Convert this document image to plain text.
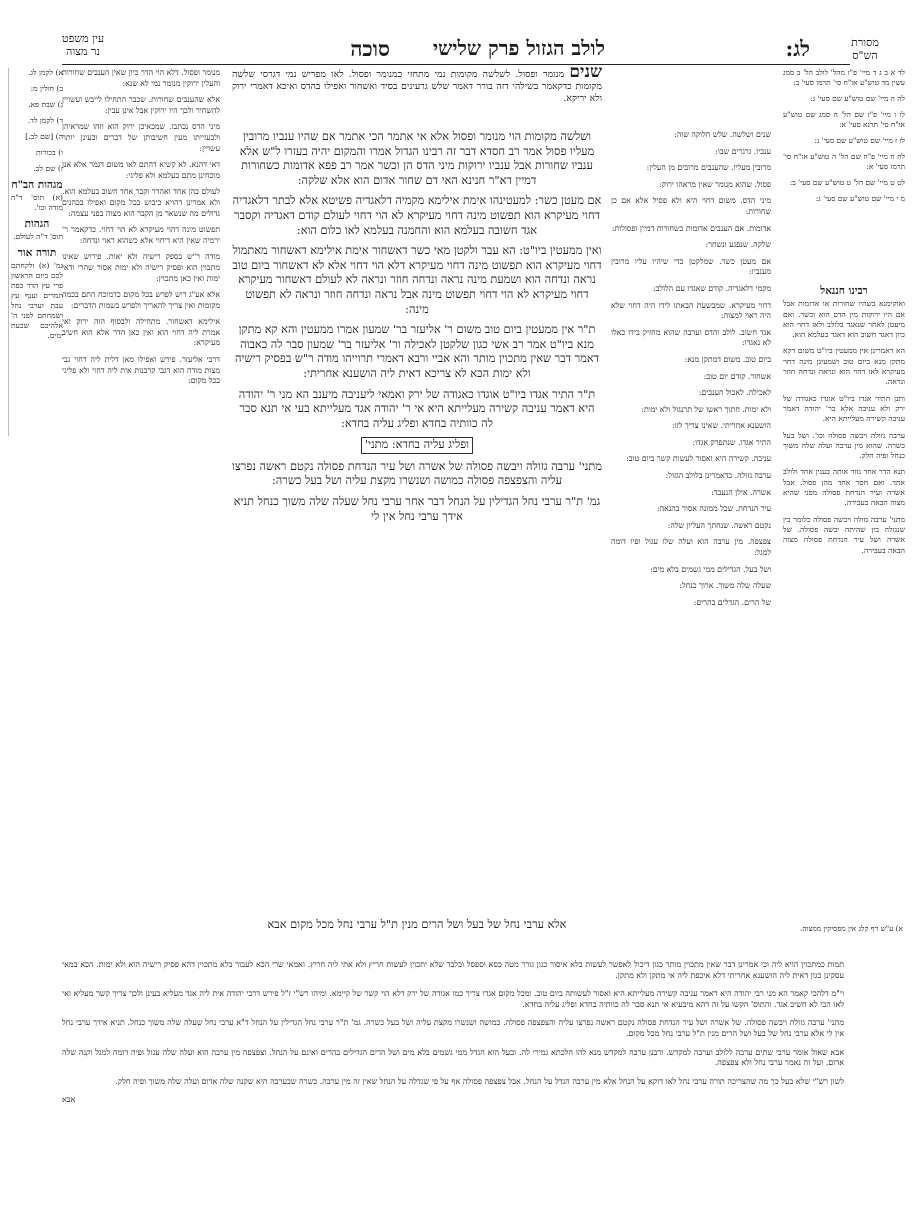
מסורת
הש"ס
לג:
לולב הגזול פרק שלישי
סוכה
עין משפט
נר מצוה

א) לקמן לג.

ב) חולין מ:

ג) שבת פא.

ד) לקמן לד.

ה) [שם לב.]

ו) בכורות

ז) שם לב.

מגהות הב"ח

(א) תוס' ד"ה מודה וכו'.

הגהות

תוס' ד"ה לעולם.

תורה אור

גמ' (א) ולקחתם לכם ביום הראשון פרי עץ הדר כפת תמרים וענף עץ עבת וערבי נחל ושמחתם לפני ה' אלהיכם שבעת ימים.

מנומר ופסול. דלא הוי הדר כיון שאין הענבים שחורות והעלין ירוקין מנומר נמי לא שנא:

אלא שהענבים שחורות. שכבר התחילו לייבש ועשויין להשחיר ולכך היו ירוקין אבל אינן עבין:

מיני הדס נכתבו. שמכאיכן ירוק הוא וזהו שמראיהן ולבעזייתו מעין חשיבותן של דברים ובעינן יותר עשויין:

דאי דהנא. לא קשיא דהתם לאו משום דגמר אלא אנן מוכחינן מתם בעלמא ולא פליגי:

לעולם בהן אחד ואהדר וקבר אחד חשוב בעלמא הוא. ולא אמרינן דהויא כיבוש בכל מקום ואפילו בכהנים גדולים מה שנשאר מן הקבר הוא מצוה בפני עצמה:

תפשוט מינה דהוי מעיקרא לא הוי דחוי. כדקאמר ר' ירמיה שאין היא דיחוי אלא כשהוא ראוי ונדחה:

מודה ר"ש בספק רישיה ולא יאות. פירוש שאינו מתכוין הוא ופסיק רישיה ולא ימות אסור שהרי ודאי ימות ואין כאן מתכוין:

אלא אע"ג דיש לפרש בכל מקום כדמוכח התם בכמה מקומות ואין צריך להאריך ולפרש בשמות הדברים:

אילימא דאשחור. מתחילה ולבסוף הוה ירוק ואי אמרת ליה דחוי הוא ואין כאן הדר אלא הוא חשיב מעיקרא:

דרבי אליעזר. פירש ואפילו מאן דלית ליה דחוי גבי מצות מודה הוא דגבי קרבנות אית ליה דחוי ולא פליגי בכל מקום:

שנים מנומר ופסול. לשלשה מקומות נמי מתחזי כמנומר ופסול. לאו מפריש נמי דגרסי שלשה מקומות כדקאמר בשילהי דזה בורר דאמר שלש גרעינים בסיד ואשחור ואפילו בהדס ואיכא דאמרי ירוק ולא יריקא.

ושלשה מקומות הוי מנומר ופסול אלא אי אתמר הכי אתמר אם שהיו ענביו מרובין מעליו פסול אמר רב חסדא דבר זה רבינו הגדול אמרו והמקום יהיה בעזרו ל"ש אלא ענביו שחורות אבל ענביו ירוקות מיני הדס הן וכשר אמר רב פפא אדומות כשחורות דמיין דא"ר חנינא האי דם שחור אדום הוא אלא שלקה:

אם מעטן כשר: למעטינהו אימת אילימא מקמיה דלאגדיה פשיטא אלא לבתר דלאגדיה דחוי מעיקרא הוא תפשוט מינה דחוי מעיקרא לא הוי דחוי לעולם קודם דאגדיה וקסבר אגד חשובה בעלמא הוא והחמנה בעלמא לאו כלום הוא:

ואין ממעטין ביו"ט: הא עבר ולקטן מאי כשר דאשחור אימת אילימא דאשחור מאתמול דחוי מעיקרא הוא תפשוט מינה דחוי מעיקרא דלא הוי דחוי אלא לא דאשחור ביום טוב נראה ונדחה הוא ושמעת מינה נראה ונדחה חוזר ונראה לא לעולם דאשחור מעיקרא דחוי מעיקרא לא הוי דחוי תפשוט מינה אבל נראה ונדחה חוזר ונראה לא תפשוט מינה:

ת"ר אין ממעטין ביום טוב משום ר' אליעזר בר' שמעון אמרו ממעטין והא קא מתקן מנא ביו"ט אמר רב אשי כגון שלקטן לאכילה ור' אליעזר בר' שמעון סבר לה כאבוה דאמר דבר שאין מתכוין מותר והא אביי ורבא דאמרי תרוייהו מודה ר"ש בפסיק רישיה ולא ימות הכא לא צריכא דאית ליה הושענא אחריתי:

ת"ר התיר אגדו ביו"ט אוגדו כאגודה של ירק ואמאי ליעניבה מיענב הא מני ר' יהודה היא דאמר עניבה קשירה מעלייתא היא אי ר' יהודה אגד מעלייתא בעי אי תנא סבר לה כוותיה בחדא ופליג עליה בחדא:

ופליג עליה בחדא: מתני'

מתני' ערבה גזולה ויבשה פסולה של אשרה ושל עיר הנדחת פסולה נקטם ראשה נפרצו עליה והצפצפה פסולה כמושה ושנשרו מקצת עליה ושל בעל כשרה:

גמ' ת"ר ערבי נחל הגדילין על הנחל דבר אחר ערבי נחל שעלה שלה משוך כנחל תניא אידך ערבי נחל אין לי

אלא ערבי נחל של בעל ושל הרים מנין ת"ל ערבי נחל מכל מקום אבא

שנים ושלשה. שלש חלוקה שוה:

ענביו. גרגרים שבו:

מרובין מעליו. שהענבים מרובים מן העלין:

פסול. שהוא מנומר שאין מראהו ירוק:

מיני הדס. משום דחוי היא ולא פסיל אלא אם כן שחורות:

אדומות. אם הענבים אדומות כשחורות דמיין ופסולות:

שלקה. שנפגע ונשחר:

אם מעטן כשר. שמלקטן כדי שיהיו עליו מרובין מענביו:

מקמי דלאגדיה. קודם שאגדו עם הלולב:

דחוי מעיקרא. שמבשעת הבאתו לידו היה דחוי שלא היה ראוי למצוה:

אגד חשוב. לולב והדס וערבה שהוא מחזיק בידו כאלו לא נאגדו:

ביום טוב. משום דמתקן מנא:

אשחור. קודם יום טוב:

לאכילה. לאכול הענבים:

ולא ימות. חתוך ראשו של תרנגול ולא ימות:

הושענא אחריתי. שאינו צריך לזו:

התיר אגדו. שנתפרק אגדו:

עניבה. קשירה היא ואסור לעשות קשר ביום טוב:

ערבה גזולה. כדאמרינן בלולב הגזול:

אשרה. אילן הנעבד:

עיר הנדחת. שכל ממונה אסור בהנאה:

נקטם ראשה. שנחתך העליון שלה:

צפצפה. מין ערבה הוא ועלה שלו עגול ופיו דומה למגל:

ושל בעל. הגדילים ממי גשמים בלא מים:

שעלה שלה משוך. ארוך כנחל:

של הרים. הגדלים בהרים:

לד א ב ג ד מיי' פ"ז מהל' לולב הל' ב סמג עשין מד טוש"ע או"ח סי' תרמו סעי' ב:

לה ה מיי' שם טוש"ע שם סעי' ג:

לו ו מיי' פ"ז שם הל' ה סמג שם טוש"ע או"ח סי' תרנא סעי' א:

לז ז מיי' שם טוש"ע שם סעי' ג:

לח ח מיי' פ"ח שם הל' ה טוש"ע או"ח סי' תרמז סעי' א:

לט ט מיי' שם הל' ט טוש"ע שם סעי' ב:

מ י מיי' שם טוש"ע שם סעי' ג:

רבינו חננאל

ואוקימנא בשהיו שחורות או אדומות אבל אם היו ירוקות מין הדס הוא וכשר. ואם מיעטן לאחר שנאגד בלולב ולאו דחוי הוא כיון דאגד חשוב הוא דאגד בעלמא הוא.

הא דאמרינן אין ממעטין ביו"ט משום דקא מתקן מנא ביום טוב ושמעינן מינה דחוי מעיקרא לאו דחוי הוא ונראה ונדחה חוזר ונראה.

ותנן התיר אגדו ביו"ט אוגדו כאגודה של ירק ולא עניבה אלא כר' יהודה דאמר עניבה קשירה מעלייתא היא.

ערבה גזולה ויבשה פסולה וכו'. ושל בעל כשרה. שהוא מין ערבה ועלה שלה משוך כנחל ופיה חלק.

תנא הדר אחד גזור אותה בענין אחד ולולב אחד. ואם חסר אחד מהן פסול. אבל אשרה ועיר הנדחת פסולה מפני שהיא מצוה הבאה בעבירה.

מתני' ערבה גזולה ויבשה פסולה כלומר בין שנגזלה בין שהיתה יבשה פסולה. של אשרה ושל עיר הנדחת פסולה מצוה הבאה בעבירה.

א) ע"ש דף קלג אין מפסיקין ממצוה.

תמות כמתכוין הויא ליה וכי אמרינן דבר שאין מתכוין מותר כגון דיכול לאפשר לעשות בלא איסור כגון גורר מטה כסא וספסל ובלבד שלא יתכוין לעשות חריץ ולא אתי ליה חריץ. ואמאי שרי הכא לעבור בלא מתכוין דהא פסיק רישיה הוא ולא ימות. הכא במאי עסקינן כגון דאית ליה הושענא אחריתי דלא איכפת ליה אי מתקן ולא מתקן.

וי"מ דלהכי קאמר הא מני רבי יהודה היא דאמר עניבה קשירה מעלייתא היא ואסור לעשותה ביום טוב. ומכל מקום אגדו צריך כמו אגודה של ירק דלא הוי קשר של קיימא. ומיהו רש"י ז"ל פירש דרבי יהודה אית ליה אגד מעליא בעינן ולכך צריך קשר מעליא ואי לאו הכי לא חשיב אגד. והתוס' הקשו על זה דהא מיבעיא אי תנא סבר לה כוותיה בחדא ופליג עליה בחדא.

מתני' ערבה גזולה ויבשה פסולה. של אשרה ושל עיר הנדחת פסולה נקטם ראשה נפרצו עליה והצפצפה פסולה. כמושה ושנשרו מקצת עליה ושל בעל כשרה. גמ' ת"ר ערבי נחל הגדילין על הנחל ד"א ערבי נחל שעלה שלה משוך כנחל. תניא אידך ערבי נחל אין לי אלא ערבי נחל של בעל ושל הרים מנין ת"ל ערבי נחל מכל מקום.

אבא שאול אומר ערבי שתים ערבה ללולב וערבה למקדש. ורבנן ערבה למקדש מנא להו הלכתא גמירי לה. ובעל הוא הגדל ממי גשמים בלא מים ושל הרים הגדילים בהרים ואינם על הנחל. וצפצפה מין ערבה הוא ועלה שלה עגול ופיה דומה למגל וקנה שלה אדום. ועל זה נאמר ערבי נחל ולא צפצפה.

לשון רש"י שלא בעל כך מה שהצריכה תורה ערבי נחל לאו דוקא על הנחל אלא מין ערבה הגדל על הנחל. אבל צפצפה פסולה אף על פי שגדלה על הנחל שאין זה מין ערבה. כשרה שבערבה היא שקנה שלה אדום ועלה שלה משוך ופיה חלק.

אבא
